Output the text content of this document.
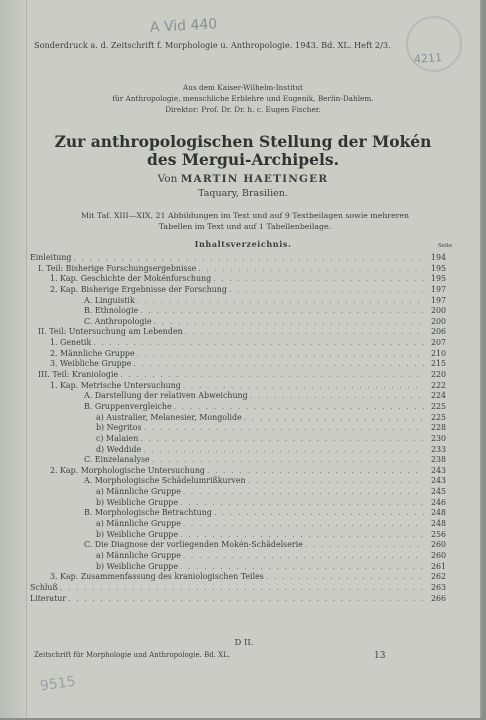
A Vid 440
4211
Sonderdruck a. d. Zeitschrift f. Morphologie u. Anthropologie. 1943. Bd. XL. Heft 2/3.
Aus dem Kaiser-Wilhelm-Institut
für Anthropologie, menschliche Erblehre und Eugenik, Berlin-Dahlem.
Direktor: Prof. Dr. Dr. h. c. Eugen Fischer.
Zur anthropologischen Stellung der Mokén
des Mergui-Archipels.
Von MARTIN HAETINGER
Taquary, Brasilien.
Mit Taf. XIII—XIX, 21 Abbildungen im Text und auf 9 Textbeilagen sowie mehreren
Tabellen im Text und auf 1 Tabellenbeilage.
Inhaltsverzeichnis.	Seite
Einleitung . . .	194
I. Teil: Bisherige Forschungsergebnisse . . .	195
1. Kap. Geschichte der Mokénforschung . . .	195
2. Kap. Bisherige Ergebnisse der Forschung . . .	197
A. Linguistik . . .	197
B. Ethnologie . . .	200
C. Anthropologie . . .	200
II. Teil: Untersuchung am Lebenden . . .	206
1. Genetik . . .	207
2. Männliche Gruppe . . .	210
3. Weibliche Gruppe . . .	215
III. Teil: Kraniologie . . .	220
1. Kap. Metrische Untersuchung . . .	222
A. Darstellung der relativen Abweichung . . .	224
B. Gruppenvergleiche . . .	225
a) Australier, Melanesier, Mongolide . . .	225
b) Negritos . . .	228
c) Malaien . . .	230
d) Weddide . . .	233
C. Einzelanalyse . . .	238
2. Kap. Morphologische Untersuchung . . .	243
A. Morphologische Schädelumrißkurven . . .	243
a) Männliche Gruppe . . .	245
b) Weibliche Gruppe . . .	246
B. Morphologische Betrachtung . . .	248
a) Männliche Gruppe . . .	248
b) Weibliche Gruppe . . .	256
C. Die Diagnose der vorliegenden Mokén-Schädelserie . . .	260
a) Männliche Gruppe . . .	260
b) Weibliche Gruppe . . .	261
3. Kap. Zusammenfassung des kraniologischen Teiles . . .	262
Schluß . . .	263
Literatur . . .	266
D II.
Zeitschrift für Morphologie und Anthropologie. Bd. XL.	13
9515
